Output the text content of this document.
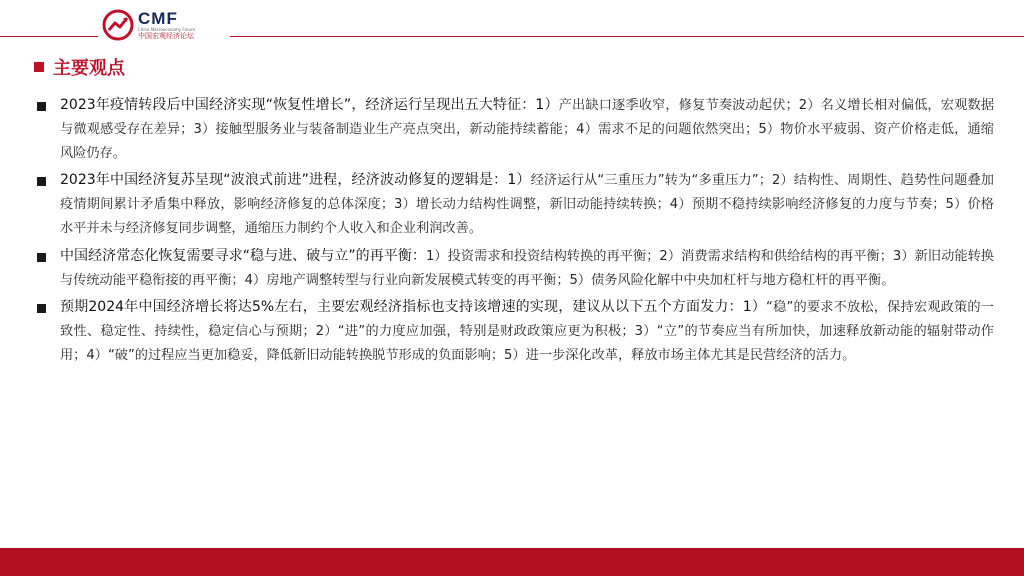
CMF
China Macroeconomy Forum
中国宏观经济论坛
主要观点
2023年疫情转段后中国经济实现“恢复性增长”，经济运行呈现出五大特征：1）产出缺口逐季收窄，修复节奏波动起伏；2）名义增长相对偏低，宏观数据与微观感受存在差异；3）接触型服务业与装备制造业生产亮点突出，新动能持续蓄能；4）需求不足的问题依然突出；5）物价水平疲弱、资产价格走低，通缩风险仍存。
2023年中国经济复苏呈现“波浪式前进”进程，经济波动修复的逻辑是：1）经济运行从“三重压力”转为“多重压力”；2）结构性、周期性、趋势性问题叠加疫情期间累计矛盾集中释放，影响经济修复的总体深度；3）增长动力结构性调整，新旧动能持续转换；4）预期不稳持续影响经济修复的力度与节奏；5）价格水平并未与经济修复同步调整，通缩压力制约个人收入和企业利润改善。
中国经济常态化恢复需要寻求“稳与进、破与立”的再平衡：1）投资需求和投资结构转换的再平衡；2）消费需求结构和供给结构的再平衡；3）新旧动能转换与传统动能平稳衔接的再平衡；4）房地产调整转型与行业向新发展模式转变的再平衡；5）债务风险化解中中央加杠杆与地方稳杠杆的再平衡。
预期2024年中国经济增长将达5%左右，主要宏观经济指标也支持该增速的实现，建议从以下五个方面发力：1）“稳”的要求不放松，保持宏观政策的一致性、稳定性、持续性，稳定信心与预期；2）“进”的力度应加强，特别是财政政策应更为积极；3）“立”的节奏应当有所加快，加速释放新动能的辐射带动作用；4）“破”的过程应当更加稳妥，降低新旧动能转换脱节形成的负面影响；5）进一步深化改革，释放市场主体尤其是民营经济的活力。
